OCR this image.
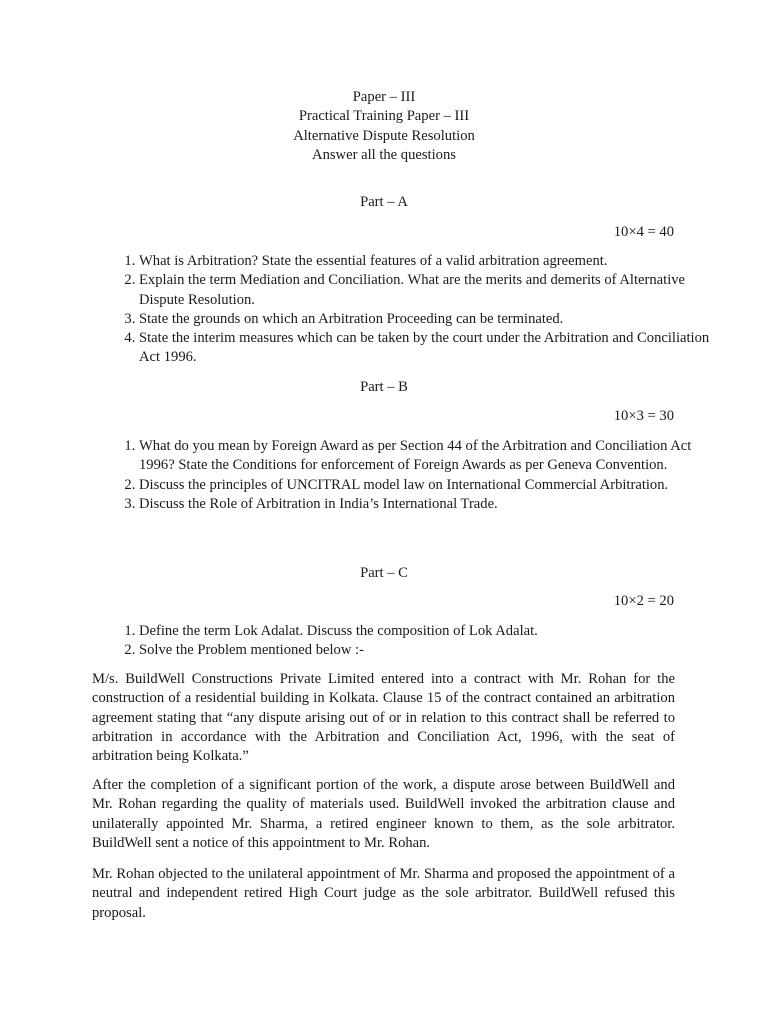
Paper – III
Practical Training Paper – III
Alternative Dispute Resolution
Answer all the questions
Part – A
10×4 = 40
1. What is Arbitration? State the essential features of a valid arbitration agreement.
2. Explain the term Mediation and Conciliation. What are the merits and demerits of Alternative Dispute Resolution.
3. State the grounds on which an Arbitration Proceeding can be terminated.
4. State the interim measures which can be taken by the court under the Arbitration and Conciliation Act 1996.
Part – B
10×3 = 30
1. What do you mean by Foreign Award as per Section 44 of the Arbitration and Conciliation Act 1996? State the Conditions for enforcement of Foreign Awards as per Geneva Convention.
2. Discuss the principles of UNCITRAL model law on International Commercial Arbitration.
3. Discuss the Role of Arbitration in India’s International Trade.
Part – C
10×2 = 20
1. Define the term Lok Adalat. Discuss the composition of Lok Adalat.
2. Solve the Problem mentioned below :-

M/s. BuildWell Constructions Private Limited entered into a contract with Mr. Rohan for the construction of a residential building in Kolkata. Clause 15 of the contract contained an arbitration agreement stating that “any dispute arising out of or in relation to this contract shall be referred to arbitration in accordance with the Arbitration and Conciliation Act, 1996, with the seat of arbitration being Kolkata.”

After the completion of a significant portion of the work, a dispute arose between BuildWell and Mr. Rohan regarding the quality of materials used. BuildWell invoked the arbitration clause and unilaterally appointed Mr. Sharma, a retired engineer known to them, as the sole arbitrator. BuildWell sent a notice of this appointment to Mr. Rohan.

Mr. Rohan objected to the unilateral appointment of Mr. Sharma and proposed the appointment of a neutral and independent retired High Court judge as the sole arbitrator. BuildWell refused this proposal.
